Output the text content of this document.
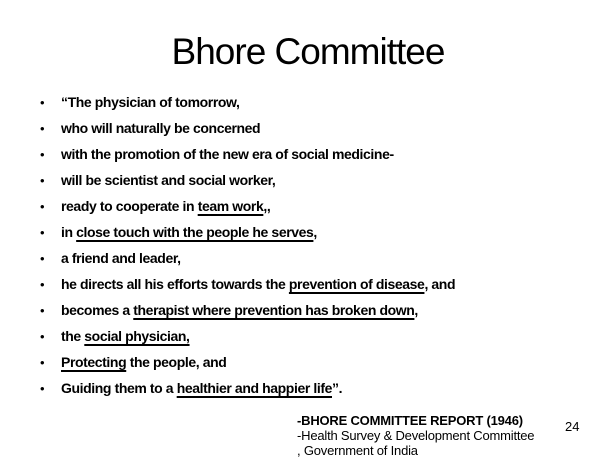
Bhore Committee
•	“The physician of tomorrow,
•	who will naturally be concerned
•	with the promotion of the new era of social medicine-
•	will be scientist and social worker,
•	ready to cooperate in team work,,
•	in close touch with the people he serves,
•	a friend and leader,
•	he directs all his efforts towards the prevention of disease, and
•	becomes a therapist where prevention has broken down,
•	the social physician,
•	Protecting the people, and
•	Guiding them to a healthier and happier life”.
-BHORE COMMITTEE REPORT (1946)
-Health Survey & Development Committee
, Government of India
24
